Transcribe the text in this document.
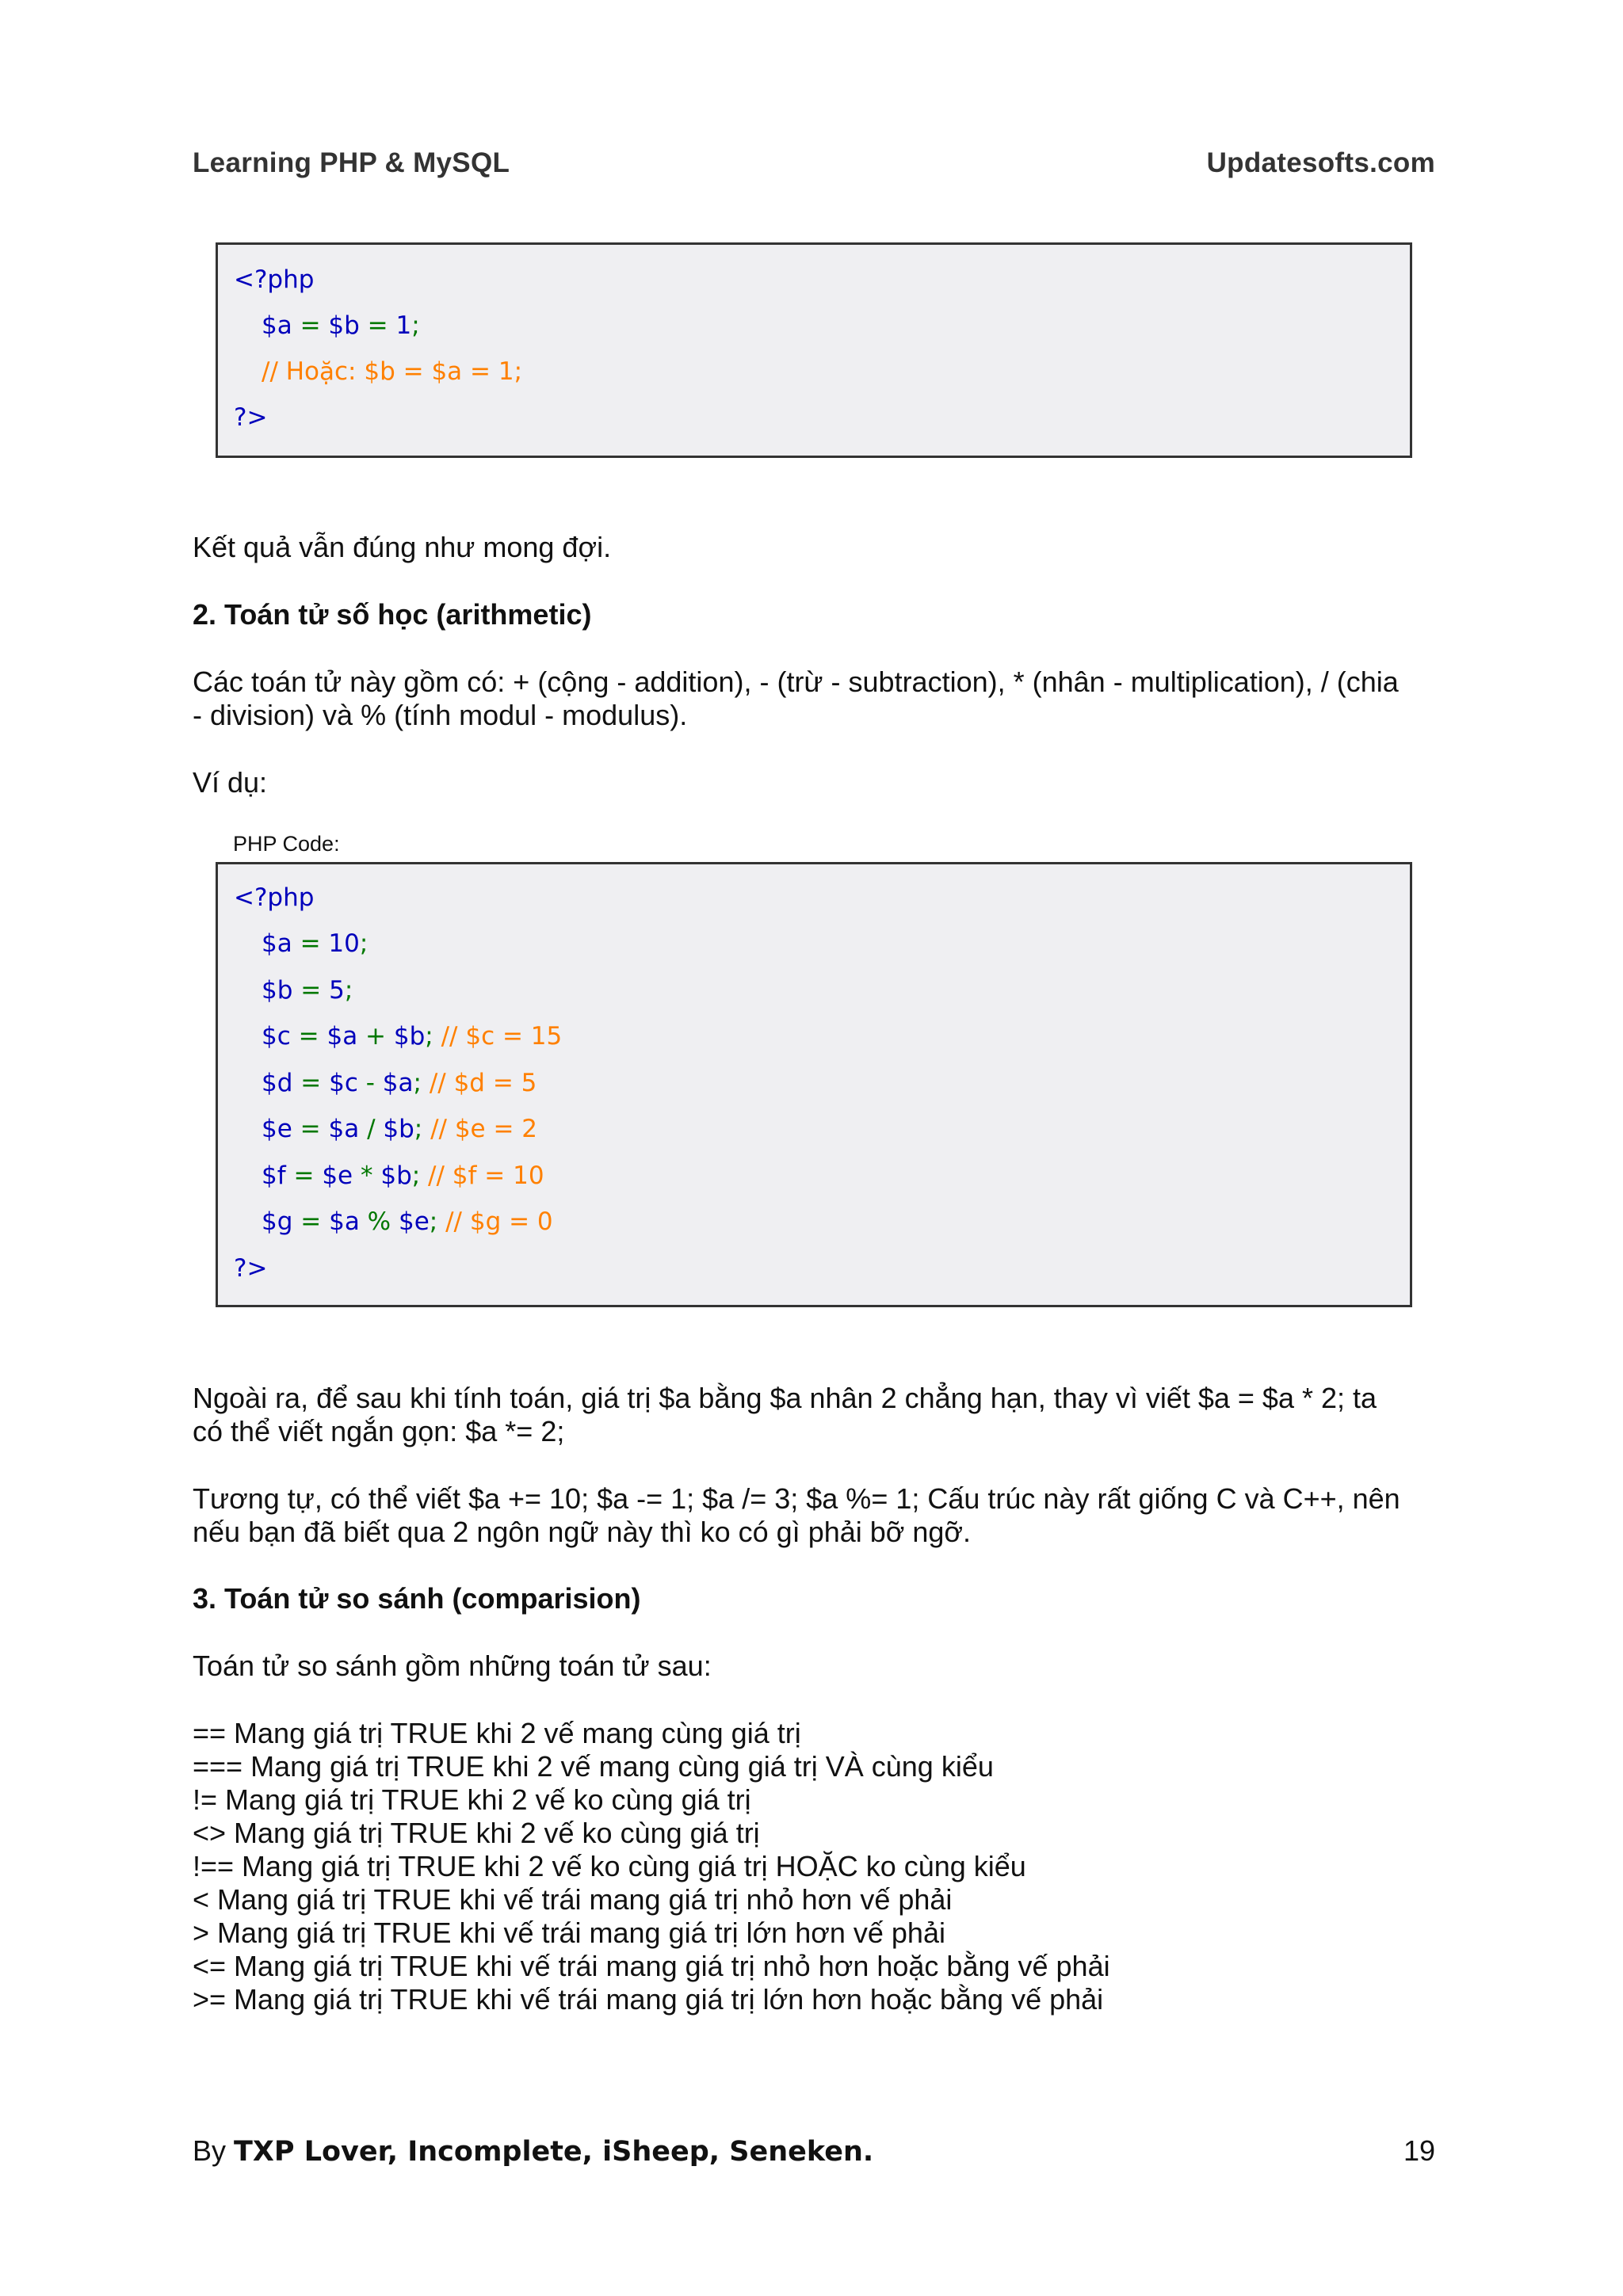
Learning PHP & MySQL	Updatesofts.com
<?php
$a = $b = 1;
// Hoặc: $b = $a = 1;
?>
Kết quả vẫn đúng như mong đợi.
2. Toán tử số học (arithmetic)
Các toán tử này gồm có: + (cộng - addition), - (trừ - subtraction), * (nhân - multiplication), / (chia
- division) và % (tính modul - modulus).
Ví dụ:
PHP Code:
<?php
$a = 10;
$b = 5;
$c = $a + $b; // $c = 15
$d = $c - $a; // $d = 5
$e = $a / $b; // $e = 2
$f = $e * $b; // $f = 10
$g = $a % $e; // $g = 0
?>
Ngoài ra, để sau khi tính toán, giá trị $a bằng $a nhân 2 chẳng hạn, thay vì viết $a = $a * 2; ta
có thể viết ngắn gọn: $a *= 2;
Tương tự, có thể viết $a += 10; $a -= 1; $a /= 3; $a %= 1; Cấu trúc này rất giống C và C++, nên
nếu bạn đã biết qua 2 ngôn ngữ này thì ko có gì phải bỡ ngỡ.
3. Toán tử so sánh (comparision)
Toán tử so sánh gồm những toán tử sau:
== Mang giá trị TRUE khi 2 vế mang cùng giá trị
=== Mang giá trị TRUE khi 2 vế mang cùng giá trị VÀ cùng kiểu
!= Mang giá trị TRUE khi 2 vế ko cùng giá trị
<> Mang giá trị TRUE khi 2 vế ko cùng giá trị
!== Mang giá trị TRUE khi 2 vế ko cùng giá trị HOẶC ko cùng kiểu
< Mang giá trị TRUE khi vế trái mang giá trị nhỏ hơn vế phải
> Mang giá trị TRUE khi vế trái mang giá trị lớn hơn vế phải
<= Mang giá trị TRUE khi vế trái mang giá trị nhỏ hơn hoặc bằng vế phải
>= Mang giá trị TRUE khi vế trái mang giá trị lớn hơn hoặc bằng vế phải
By TXP Lover, Incomplete, iSheep, Seneken.	19
